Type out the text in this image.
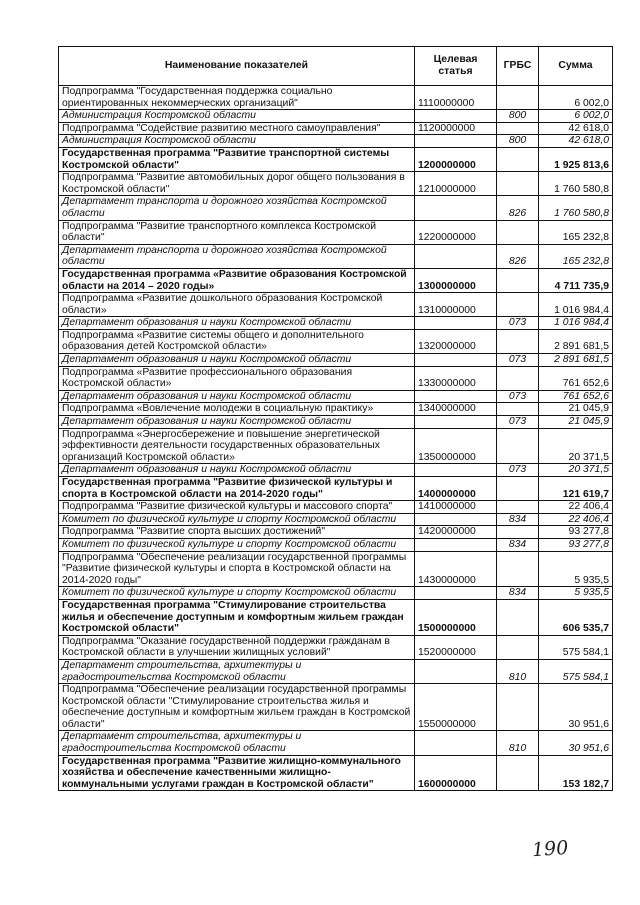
Наименование показателей	Целевая статья	ГРБС	Сумма
Подпрограмма "Государственная поддержка социально ориентированных некоммерческих организаций"	1110000000		6 002,0
Администрация Костромской области		800	6 002,0
Подпрограмма "Содействие развитию местного самоуправления"	1120000000		42 618,0
Администрация Костромской области		800	42 618,0
Государственная программа "Развитие транспортной системы Костромской области"	1200000000		1 925 813,6
Подпрограмма "Развитие автомобильных дорог общего пользования в Костромской области"	1210000000		1 760 580,8
Департамент транспорта и дорожного хозяйства Костромской области		826	1 760 580,8
Подпрограмма "Развитие транспортного комплекса Костромской области"	1220000000		165 232,8
Департамент транспорта и дорожного хозяйства Костромской области		826	165 232,8
Государственная программа «Развитие образования Костромской области на 2014 – 2020 годы»	1300000000		4 711 735,9
Подпрограмма «Развитие дошкольного образования Костромской области»	1310000000		1 016 984,4
Департамент образования и науки Костромской области		073	1 016 984,4
Подпрограмма «Развитие системы общего и дополнительного образования детей Костромской области»	1320000000		2 891 681,5
Департамент образования и науки Костромской области		073	2 891 681,5
Подпрограмма «Развитие профессионального образования Костромской области»	1330000000		761 652,6
Департамент образования и науки Костромской области		073	761 652,6
Подпрограмма «Вовлечение молодежи в социальную практику»	1340000000		21 045,9
Департамент образования и науки Костромской области		073	21 045,9
Подпрограмма «Энергосбережение и повышение энергетической эффективности деятельности государственных образовательных организаций Костромской области»	1350000000		20 371,5
Департамент образования и науки Костромской области		073	20 371,5
Государственная программа "Развитие физической культуры и спорта в Костромской области на 2014-2020 годы"	1400000000		121 619,7
Подпрограмма "Развитие физической культуры и массового спорта"	1410000000		22 406,4
Комитет по физической культуре и спорту Костромской области		834	22 406,4
Подпрограмма "Развитие спорта высших достижений"	1420000000		93 277,8
Комитет по физической культуре и спорту Костромской области		834	93 277,8
Подпрограмма "Обеспечение реализации государственной программы "Развитие физической культуры и спорта в Костромской области на 2014-2020 годы"	1430000000		5 935,5
Комитет по физической культуре и спорту Костромской области		834	5 935,5
Государственная программа "Стимулирование строительства жилья и обеспечение доступным и комфортным жильем граждан Костромской области"	1500000000		606 535,7
Подпрограмма "Оказание государственной поддержки гражданам в Костромской области в улучшении жилищных условий"	1520000000		575 584,1
Департамент строительства, архитектуры и градостроительства Костромской области		810	575 584,1
Подпрограмма "Обеспечение реализации государственной программы Костромской области "Стимулирование строительства жилья и обеспечение доступным и комфортным жильем граждан в Костромской области"	1550000000		30 951,6
Департамент строительства, архитектуры и градостроительства Костромской области		810	30 951,6
Государственная программа "Развитие жилищно-коммунального хозяйства и обеспечение качественными жилищно-коммунальными услугами граждан в Костромской области"	1600000000		153 182,7
190
